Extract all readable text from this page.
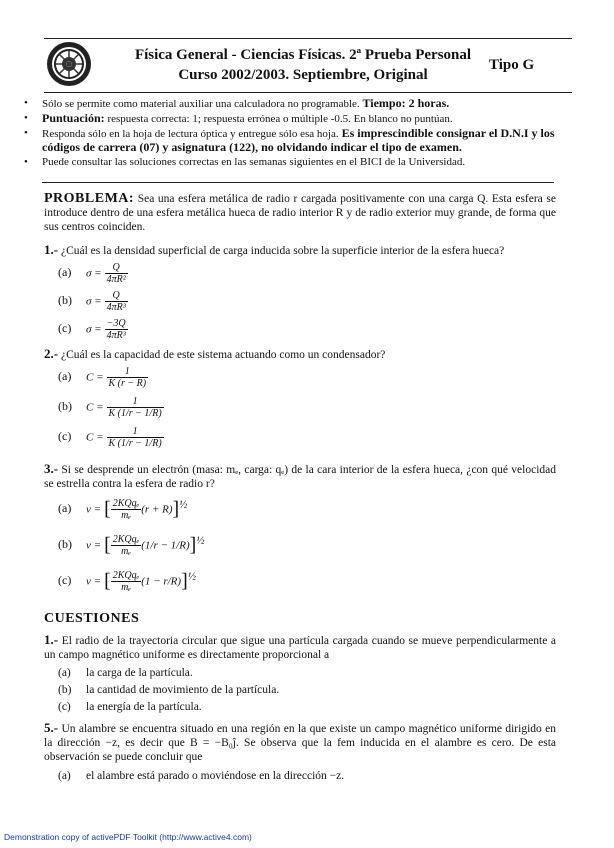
Física General - Ciencias Físicas. 2ª Prueba Personal
Curso 2002/2003. Septiembre, Original
Tipo G
• Sólo se permite como material auxiliar una calculadora no programable. Tiempo: 2 horas.
• Puntuación: respuesta correcta: 1; respuesta errónea o múltiple -0.5. En blanco no puntúan.
• Responda sólo en la hoja de lectura óptica y entregue sólo esa hoja. Es imprescindible consignar el D.N.I y los códigos de carrera (07) y asignatura (122), no olvidando indicar el tipo de examen.
• Puede consultar las soluciones correctas en las semanas siguientes en el BICI de la Universidad.
PROBLEMA: Sea una esfera metálica de radio r cargada positivamente con una carga Q. Esta esfera se introduce dentro de una esfera metálica hueca de radio interior R y de radio exterior muy grande, de forma que sus centros coinciden.
1.- ¿Cuál es la densidad superficial de carga inducida sobre la superficie interior de la esfera hueca?
(a) $\sigma = \frac{Q}{\text{4πR²}}$
(b) $\sigma = \frac{Q}{\text{4πR³}}$
(c) $\sigma = \frac{-3Q}{\text{4πR³}}$
2.- ¿Cuál es la capacidad de este sistema actuando como un condensador?
(a) $C = \frac{1}{K (r - R)}$
(b) $C = \frac{1}{K (1/r - 1/R)}$
(c) $C = \frac{1}{K (1/r - 1/R)}$
3.- Si se desprende un electrón (masa: mₑ, carga: qₑ) de la cara interior de la esfera hueca, ¿con qué velocidad se estrella contra la esfera de radio r?
(a) v = [ $\frac{\text{2KQqₑ}}{\text{mₑ}} (r + R)]^{\frac{1}{2}}$
(b) v = [ $\frac{\text{2KQqₑ}}{\text{mₑ}} (1/r - 1/R)]^{\frac{1}{2}}$
(c) v = [ $\frac{\text{2KQqₑ}}{\text{mₑ}} (1 - r/R)]^{\frac{1}{2}}$
CUESTIONES
1.- El radio de la trayectoria circular que sigue una partícula cargada cuando se mueve perpendicularmente a un campo magnético uniforme es directamente proporcional a
(a) la carga de la partícula.
(b) la cantidad de movimiento de la partícula.
(c) la energía de la partícula.
5.- Un alambre se encuentra situado en una región en la que existe un campo magnético uniforme dirigido en la dirección −z, es decir que B = −B₀ĵ. Se observa que la fem inducida en el alambre es cero. De esta observación se puede concluir que
(a) el alambre está parado o moviéndose en la dirección −z.
Demonstration copy of activePDF Toolkit (http://www.active4.com)
